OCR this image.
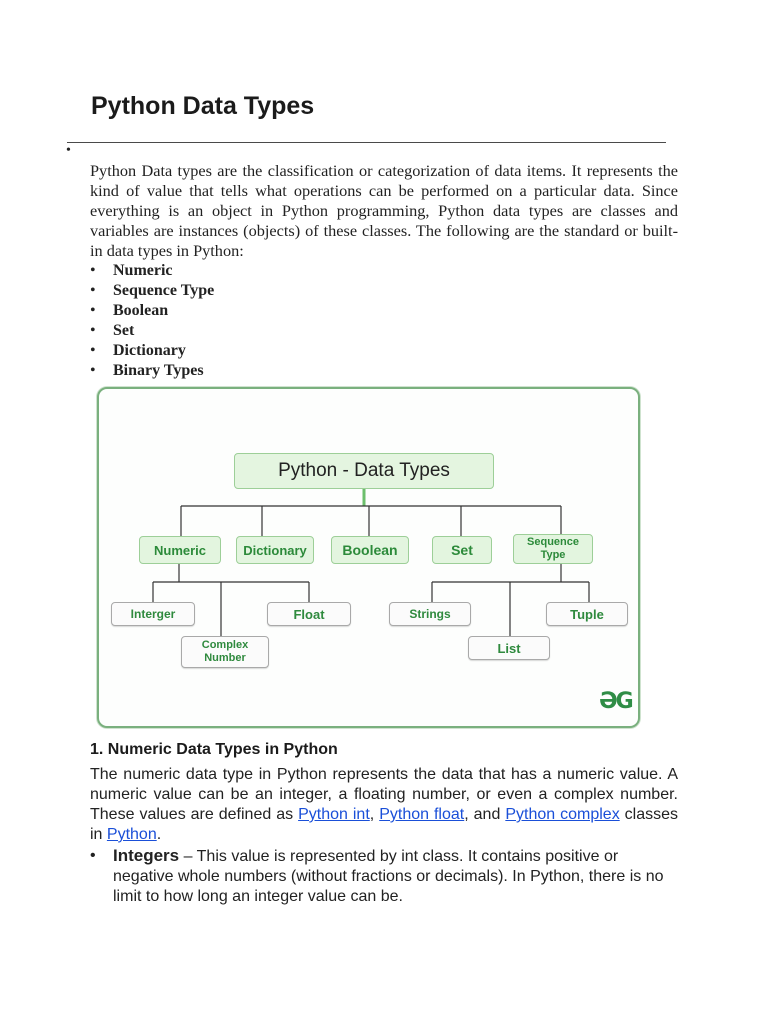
Python Data Types
•

Python Data types are the classification or categorization of data items. It represents the kind of value that tells what operations can be performed on a particular data. Since everything is an object in Python programming, Python data types are classes and variables are instances (objects) of these classes. The following are the standard or built-in data types in Python:

• Numeric
• Sequence Type
• Boolean
• Set
• Dictionary
• Binary Types
Python - Data Types
Numeric	Dictionary	Boolean	Set	Sequence Type
Interger
Complex Number
Float	Strings
List
Tuple
ƏG
1. Numeric Data Types in Python

The numeric data type in Python represents the data that has a numeric value. A numeric value can be an integer, a floating number, or even a complex number. These values are defined as Python int, Python float, and Python complex classes in Python.

• Integers – This value is represented by int class. It contains positive or negative whole numbers (without fractions or decimals). In Python, there is no limit to how long an integer value can be.
